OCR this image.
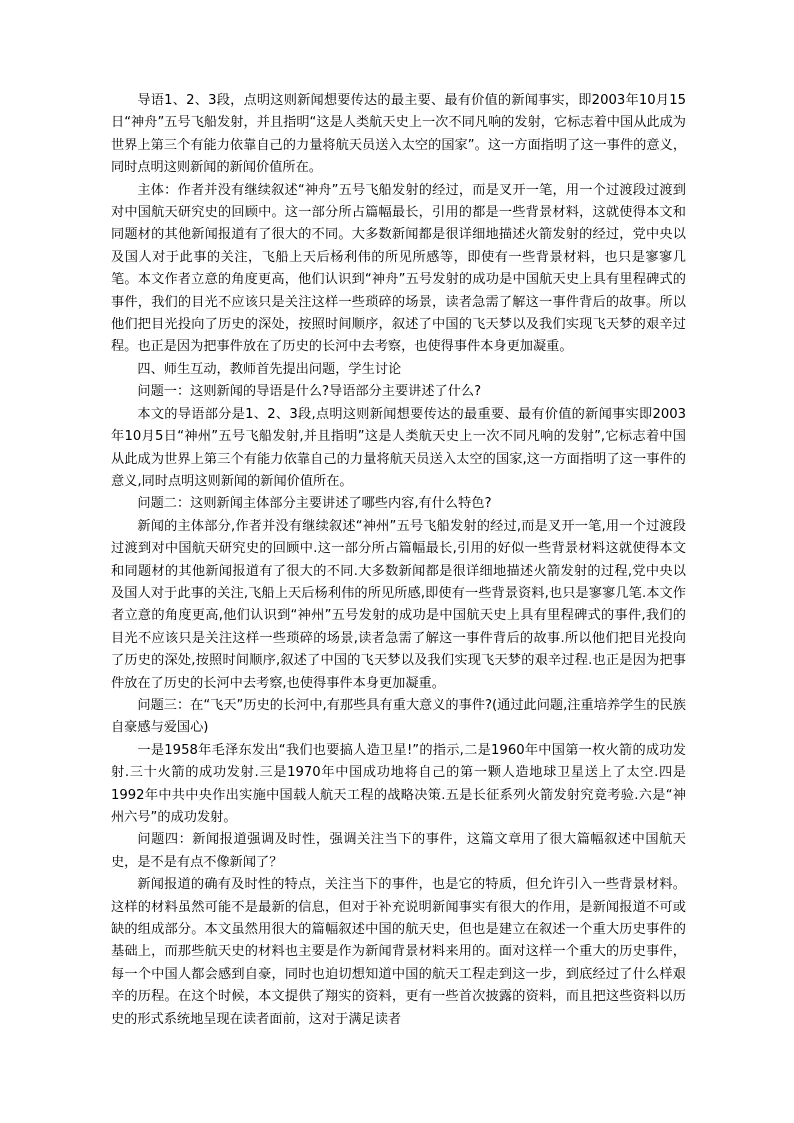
导语1、2、3段，点明这则新闻想要传达的最主要、最有价值的新闻事实，即2003年10月15日“神舟”五号飞船发射，并且指明“这是人类航天史上一次不同凡响的发射，它标志着中国从此成为世界上第三个有能力依靠自己的力量将航天员送入太空的国家”。这一方面指明了这一事件的意义，同时点明这则新闻的新闻价值所在。

主体：作者并没有继续叙述“神舟”五号飞船发射的经过，而是叉开一笔，用一个过渡段过渡到对中国航天研究史的回顾中。这一部分所占篇幅最长，引用的都是一些背景材料，这就使得本文和同题材的其他新闻报道有了很大的不同。大多数新闻都是很详细地描述火箭发射的经过，党中央以及国人对于此事的关注，飞船上天后杨利伟的所见所感等，即使有一些背景材料，也只是寥寥几笔。本文作者立意的角度更高，他们认识到“神舟”五号发射的成功是中国航天史上具有里程碑式的事件，我们的目光不应该只是关注这样一些琐碎的场景，读者急需了解这一事件背后的故事。所以他们把目光投向了历史的深处，按照时间顺序，叙述了中国的飞天梦以及我们实现飞天梦的艰辛过程。也正是因为把事件放在了历史的长河中去考察，也使得事件本身更加凝重。

四、师生互动，教师首先提出问题，学生讨论

问题一：这则新闻的导语是什么?导语部分主要讲述了什么?

本文的导语部分是1、2、3段,点明这则新闻想要传达的最重要、最有价值的新闻事实即2003年10月5日“神州”五号飞船发射,并且指明”这是人类航天史上一次不同凡响的发射”,它标志着中国从此成为世界上第三个有能力依靠自己的力量将航天员送入太空的国家,这一方面指明了这一事件的意义,同时点明这则新闻的新闻价值所在。

问题二：这则新闻主体部分主要讲述了哪些内容,有什么特色?

新闻的主体部分,作者并没有继续叙述“神州”五号飞船发射的经过,而是叉开一笔,用一个过渡段过渡到对中国航天研究史的回顾中.这一部分所占篇幅最长,引用的好似一些背景材料这就使得本文和同题材的其他新闻报道有了很大的不同.大多数新闻都是很详细地描述火箭发射的过程,党中央以及国人对于此事的关注,飞船上天后杨利伟的所见所感,即使有一些背景资料,也只是寥寥几笔.本文作者立意的角度更高,他们认识到“神州”五号发射的成功是中国航天史上具有里程碑式的事件,我们的目光不应该只是关注这样一些琐碎的场景,读者急需了解这一事件背后的故事.所以他们把目光投向了历史的深处,按照时间顺序,叙述了中国的飞天梦以及我们实现飞天梦的艰辛过程.也正是因为把事件放在了历史的长河中去考察,也使得事件本身更加凝重。

问题三：在“飞天”历史的长河中,有那些具有重大意义的事件?(通过此问题,注重培养学生的民族自豪感与爱国心)

一是1958年毛泽东发出“我们也要搞人造卫星!”的指示,二是1960年中国第一枚火箭的成功发射.三十火箭的成功发射.三是1970年中国成功地将自己的第一颗人造地球卫星送上了太空.四是1992年中共中央作出实施中国载人航天工程的战略决策.五是长征系列火箭发射究竟考验.六是“神州六号”的成功发射。

问题四：新闻报道强调及时性，强调关注当下的事件，这篇文章用了很大篇幅叙述中国航天史，是不是有点不像新闻了？

新闻报道的确有及时性的特点，关注当下的事件，也是它的特质，但允许引入一些背景材料。这样的材料虽然可能不是最新的信息，但对于补充说明新闻事实有很大的作用，是新闻报道不可或缺的组成部分。本文虽然用很大的篇幅叙述中国的航天史，但也是建立在叙述一个重大历史事件的基础上，而那些航天史的材料也主要是作为新闻背景材料来用的。面对这样一个重大的历史事件，每一个中国人都会感到自豪，同时也迫切想知道中国的航天工程走到这一步，到底经过了什么样艰辛的历程。在这个时候，本文提供了翔实的资料，更有一些首次披露的资料，而且把这些资料以历史的形式系统地呈现在读者面前，这对于满足读者
